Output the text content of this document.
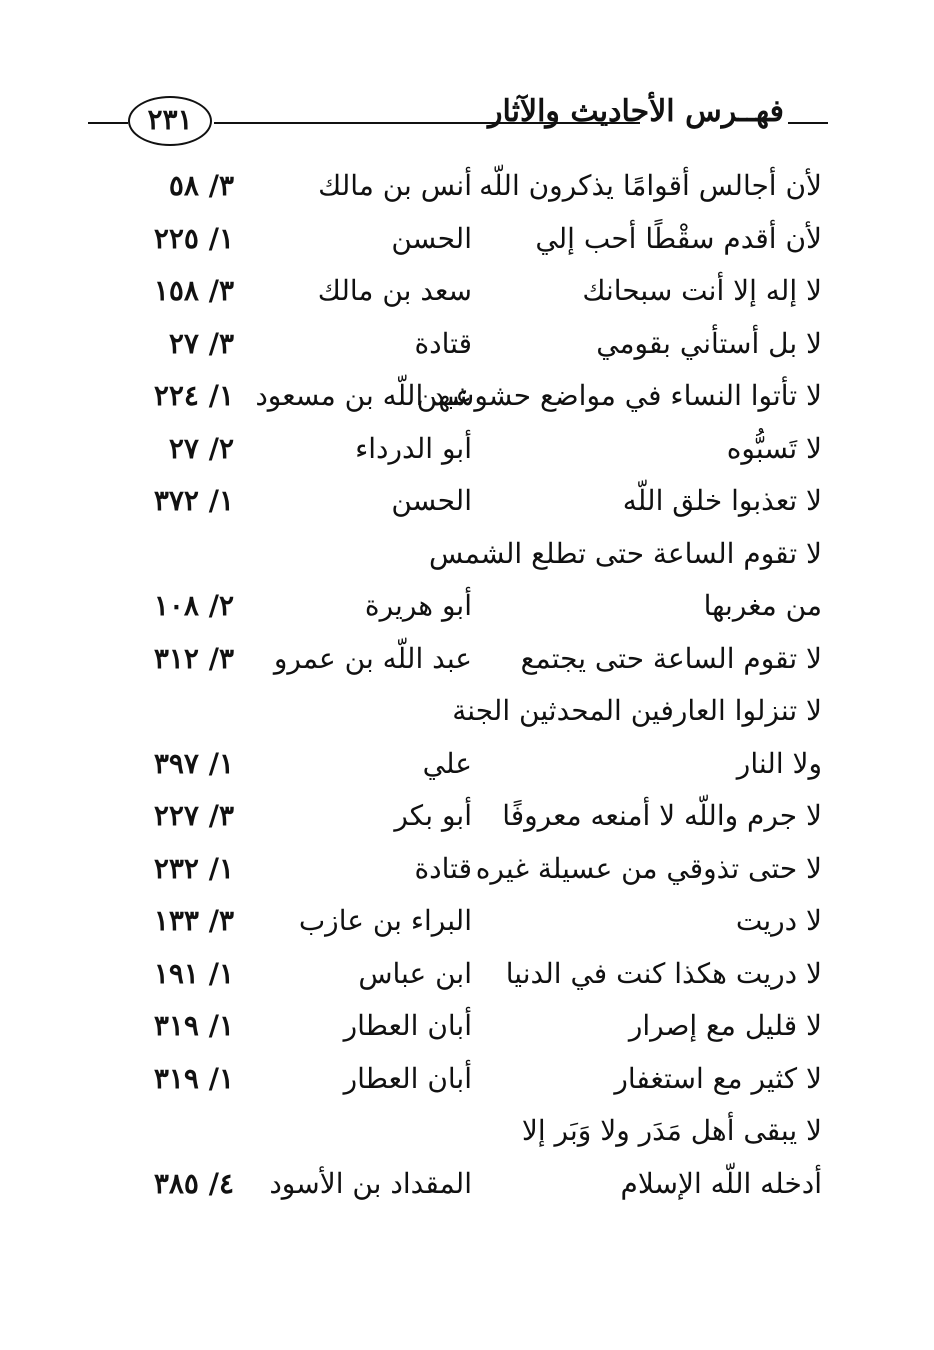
فهــرس الأحاديث والآثار
٢٣١
لأن أجالس أقوامًا يذكرون اللّه
أنس بن مالك
٣/ ٥٨
لأن أقدم سقْطًا أحب إلي
الحسن
١/ ٢٢٥
لا إله إلا أنت سبحانك
سعد بن مالك
٣/ ١٥٨
لا بل أستأني بقومي
قتادة
٣/ ٢٧
لا تأتوا النساء في مواضع حشوشهن
عبد اللّه بن مسعود
١/ ٢٢٤
لا تَسبُّوه
أبو الدرداء
٢/ ٢٧
لا تعذبوا خلق اللّه
الحسن
١/ ٣٧٢
لا تقوم الساعة حتى تطلع الشمس
من مغربها
أبو هريرة
٢/ ١٠٨
لا تقوم الساعة حتى يجتمع
عبد اللّه بن عمرو
٣/ ٣١٢
لا تنزلوا العارفين المحدثين الجنة
ولا النار
علي
١/ ٣٩٧
لا جرم واللّه لا أمنعه معروفًا
أبو بكر
٣/ ٢٢٧
لا حتى تذوقي من عسيلة غيره
قتادة
١/ ٢٣٢
لا دريت
البراء بن عازب
٣/ ١٣٣
لا دريت هكذا كنت في الدنيا
ابن عباس
١/ ١٩١
لا قليل مع إصرار
أبان العطار
١/ ٣١٩
لا كثير مع استغفار
أبان العطار
١/ ٣١٩
لا يبقى أهل مَدَر ولا وَبَر إلا
أدخله اللّه الإسلام
المقداد بن الأسود
٤/ ٣٨٥
